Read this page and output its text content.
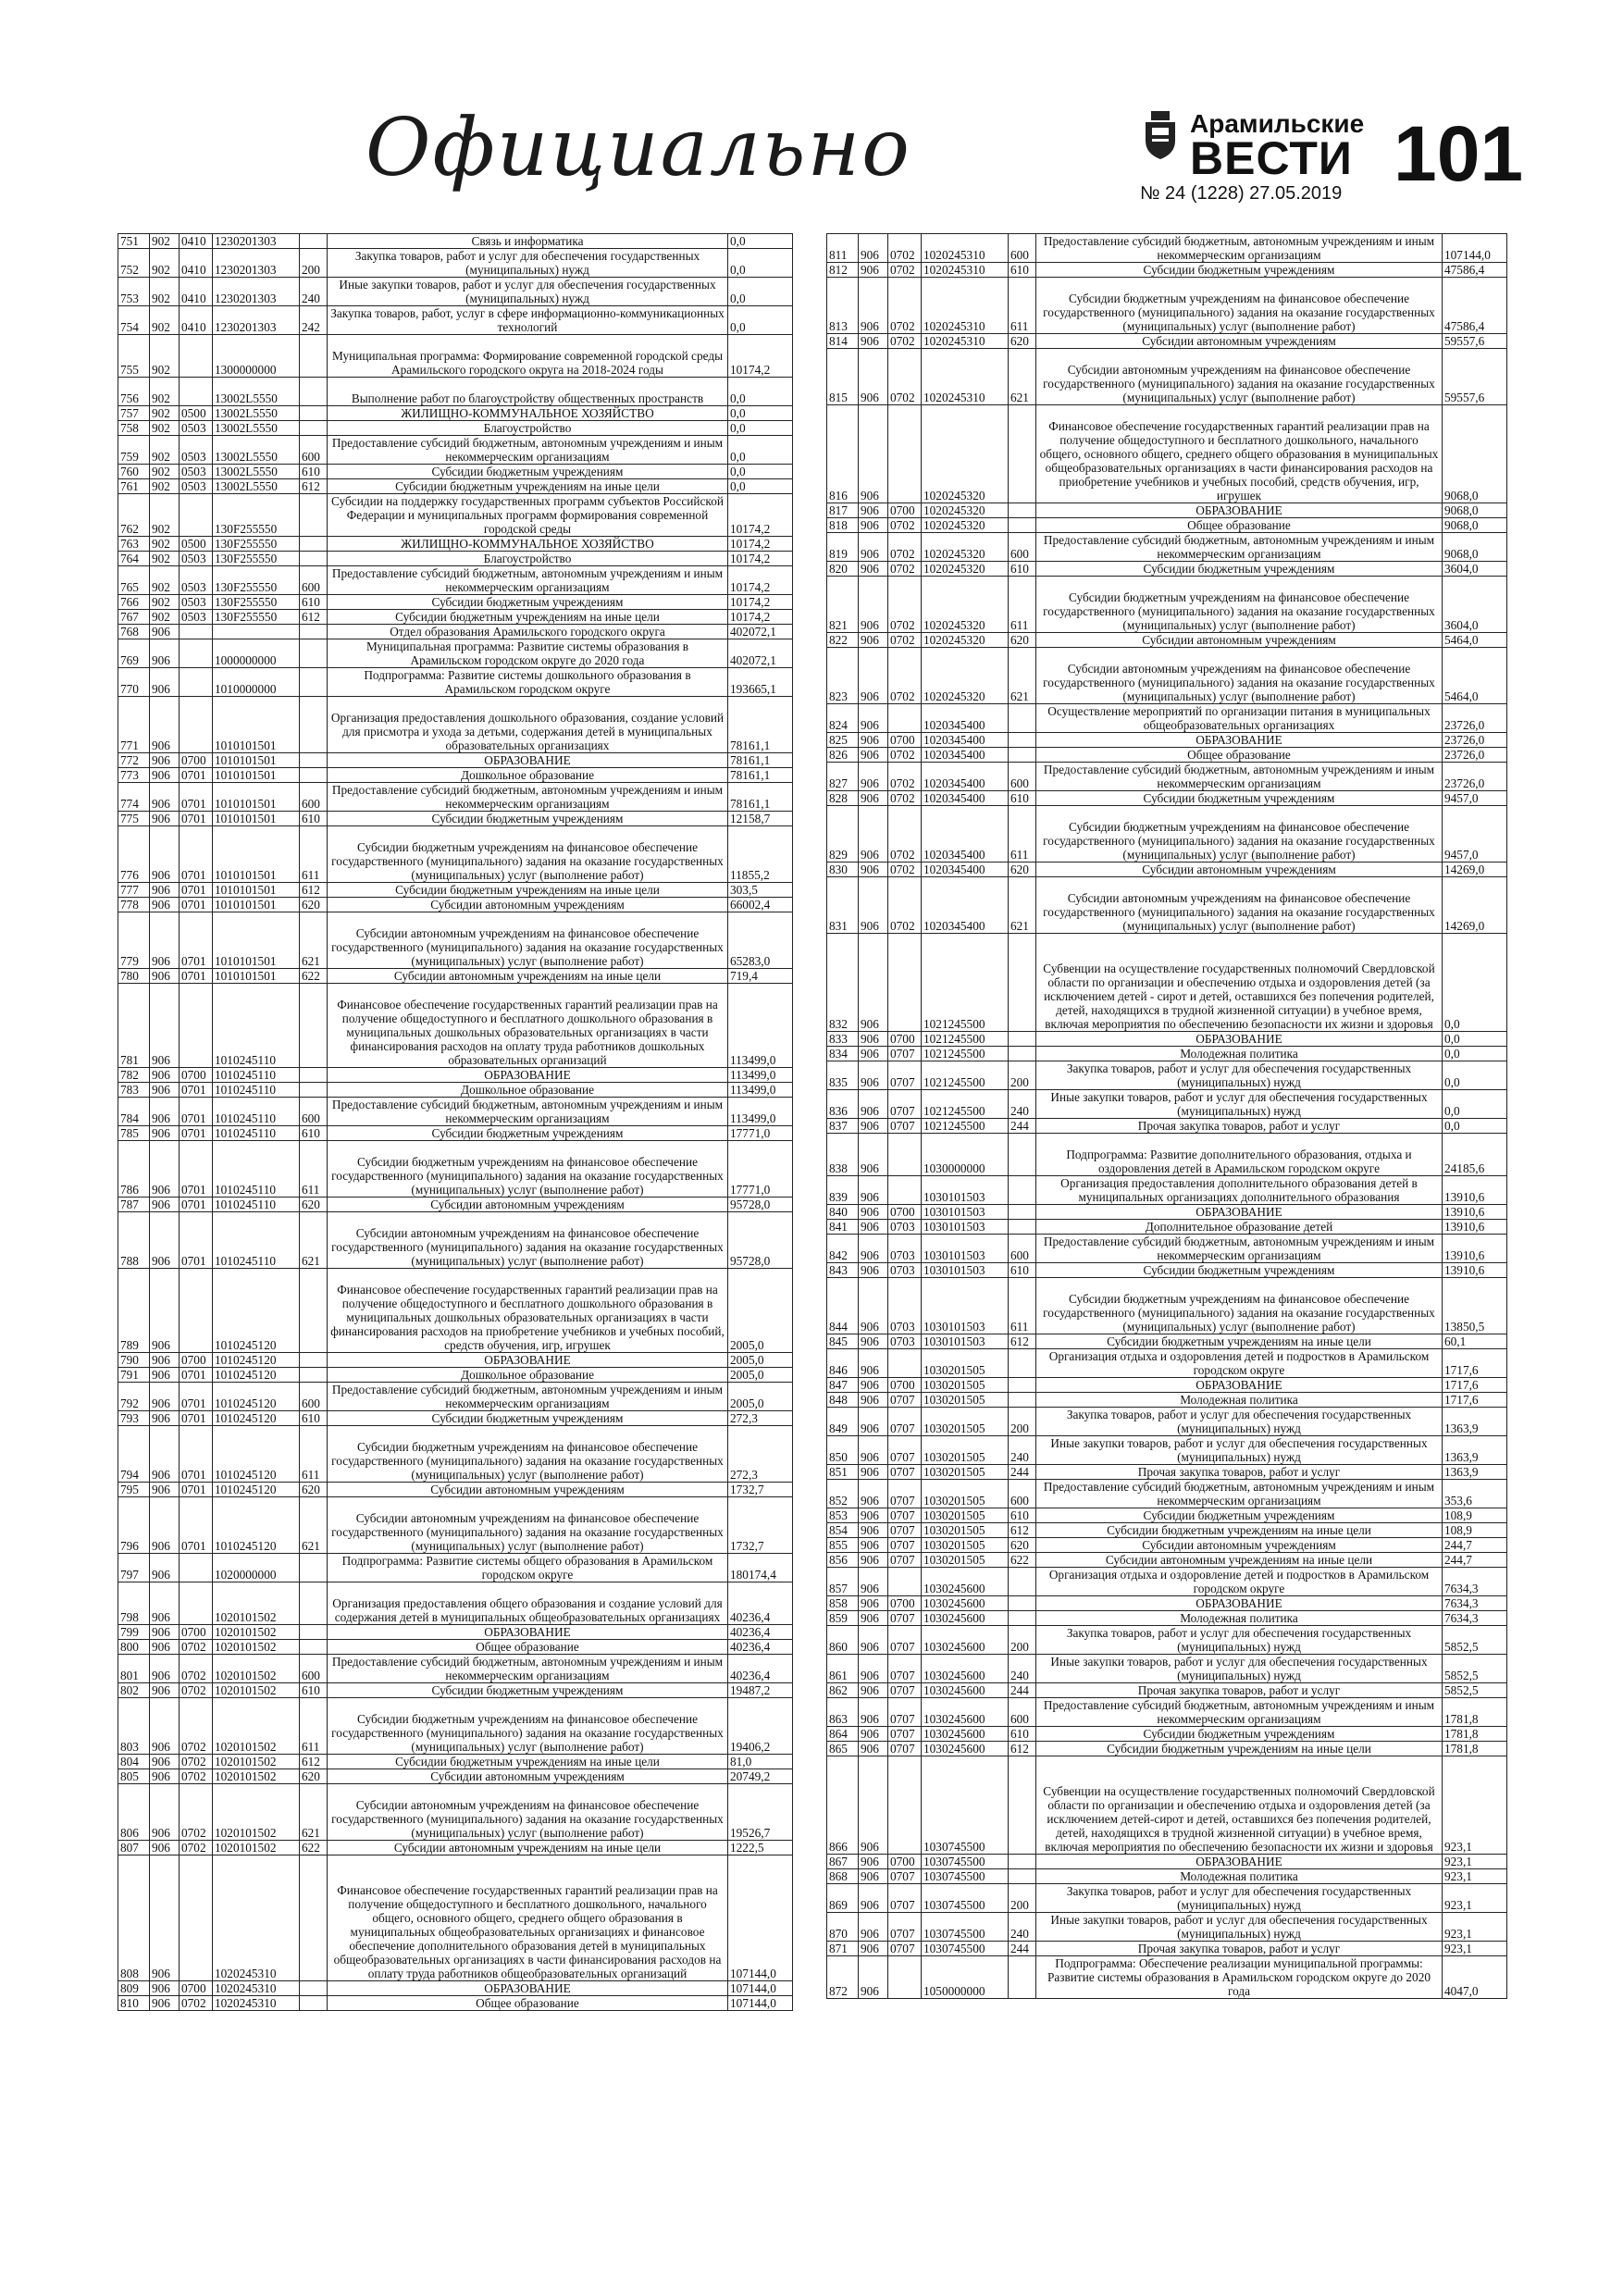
Официально	Арамильские
ВЕСТИ 101
№ 24 (1228) 27.05.2019
751	902	0410	1230201303		Связь и информатика	0,0
752	902	0410	1230201303	200	Закупка товаров, работ и услуг для обеспечения государственных (муниципальных) нужд	0,0
753	902	0410	1230201303	240	Иные закупки товаров, работ и услуг для обеспечения государственных (муниципальных) нужд	0,0
754	902	0410	1230201303	242	Закупка товаров, работ, услуг в сфере информационно-коммуникационных технологий	0,0
755	902		1300000000		Муниципальная программа: Формирование современной городской среды Арамильского городского округа на 2018-2024 годы	10174,2
756	902		13002L5550		Выполнение работ по благоустройству общественных пространств	0,0
757	902	0500	13002L5550		ЖИЛИЩНО-КОММУНАЛЬНОЕ ХОЗЯЙСТВО	0,0
758	902	0503	13002L5550		Благоустройство	0,0
759	902	0503	13002L5550	600	Предоставление субсидий бюджетным, автономным учреждениям и иным некоммерческим организациям	0,0
760	902	0503	13002L5550	610	Субсидии бюджетным учреждениям	0,0
761	902	0503	13002L5550	612	Субсидии бюджетным учреждениям на иные цели	0,0
762	902		130F255550		Субсидии на поддержку государственных программ субъектов Российской Федерации и муниципальных программ формирования современной городской среды	10174,2
763	902	0500	130F255550		ЖИЛИЩНО-КОММУНАЛЬНОЕ ХОЗЯЙСТВО	10174,2
764	902	0503	130F255550		Благоустройство	10174,2
765	902	0503	130F255550	600	Предоставление субсидий бюджетным, автономным учреждениям и иным некоммерческим организациям	10174,2
766	902	0503	130F255550	610	Субсидии бюджетным учреждениям	10174,2
767	902	0503	130F255550	612	Субсидии бюджетным учреждениям на иные цели	10174,2
768	906				Отдел образования Арамильского городского округа	402072,1
769	906		1000000000		Муниципальная программа: Развитие системы образования в Арамильском городском округе до 2020 года	402072,1
770	906		1010000000		Подпрограмма: Развитие системы дошкольного образования в Арамильском городском округе	193665,1
771	906		1010101501		Организация предоставления дошкольного образования, создание условий для присмотра и ухода за детьми, содержания детей в муниципальных образовательных организациях	78161,1
772	906	0700	1010101501		ОБРАЗОВАНИЕ	78161,1
773	906	0701	1010101501		Дошкольное образование	78161,1
774	906	0701	1010101501	600	Предоставление субсидий бюджетным, автономным учреждениям и иным некоммерческим организациям	78161,1
775	906	0701	1010101501	610	Субсидии бюджетным учреждениям	12158,7
776	906	0701	1010101501	611	Субсидии бюджетным учреждениям на финансовое обеспечение государственного (муниципального) задания на оказание государственных (муниципальных) услуг (выполнение работ)	11855,2
777	906	0701	1010101501	612	Субсидии бюджетным учреждениям на иные цели	303,5
778	906	0701	1010101501	620	Субсидии автономным учреждениям	66002,4
779	906	0701	1010101501	621	Субсидии автономным учреждениям на финансовое обеспечение государственного (муниципального) задания на оказание государственных (муниципальных) услуг (выполнение работ)	65283,0
780	906	0701	1010101501	622	Субсидии автономным учреждениям на иные цели	719,4
781	906		1010245110		Финансовое обеспечение государственных гарантий реализации прав на получение общедоступного и бесплатного дошкольного образования в муниципальных дошкольных образовательных организациях в части финансирования расходов на оплату труда работников дошкольных образовательных организаций	113499,0
782	906	0700	1010245110		ОБРАЗОВАНИЕ	113499,0
783	906	0701	1010245110		Дошкольное образование	113499,0
784	906	0701	1010245110	600	Предоставление субсидий бюджетным, автономным учреждениям и иным некоммерческим организациям	113499,0
785	906	0701	1010245110	610	Субсидии бюджетным учреждениям	17771,0
786	906	0701	1010245110	611	Субсидии бюджетным учреждениям на финансовое обеспечение государственного (муниципального) задания на оказание государственных (муниципальных) услуг (выполнение работ)	17771,0
787	906	0701	1010245110	620	Субсидии автономным учреждениям	95728,0
788	906	0701	1010245110	621	Субсидии автономным учреждениям на финансовое обеспечение государственного (муниципального) задания на оказание государственных (муниципальных) услуг (выполнение работ)	95728,0
789	906		1010245120		Финансовое обеспечение государственных гарантий реализации прав на получение общедоступного и бесплатного дошкольного образования в муниципальных дошкольных образовательных организациях в части финансирования расходов на приобретение учебников и учебных пособий, средств обучения, игр, игрушек	2005,0
790	906	0700	1010245120		ОБРАЗОВАНИЕ	2005,0
791	906	0701	1010245120		Дошкольное образование	2005,0
792	906	0701	1010245120	600	Предоставление субсидий бюджетным, автономным учреждениям и иным некоммерческим организациям	2005,0
793	906	0701	1010245120	610	Субсидии бюджетным учреждениям	272,3
794	906	0701	1010245120	611	Субсидии бюджетным учреждениям на финансовое обеспечение государственного (муниципального) задания на оказание государственных (муниципальных) услуг (выполнение работ)	272,3
795	906	0701	1010245120	620	Субсидии автономным учреждениям	1732,7
796	906	0701	1010245120	621	Субсидии автономным учреждениям на финансовое обеспечение государственного (муниципального) задания на оказание государственных (муниципальных) услуг (выполнение работ)	1732,7
797	906		1020000000		Подпрограмма: Развитие системы общего образования в Арамильском городском округе	180174,4
798	906		1020101502		Организация предоставления общего образования и создание условий для содержания детей в муниципальных общеобразовательных организациях	40236,4
799	906	0700	1020101502		ОБРАЗОВАНИЕ	40236,4
800	906	0702	1020101502		Общее образование	40236,4
801	906	0702	1020101502	600	Предоставление субсидий бюджетным, автономным учреждениям и иным некоммерческим организациям	40236,4
802	906	0702	1020101502	610	Субсидии бюджетным учреждениям	19487,2
803	906	0702	1020101502	611	Субсидии бюджетным учреждениям на финансовое обеспечение государственного (муниципального) задания на оказание государственных (муниципальных) услуг (выполнение работ)	19406,2
804	906	0702	1020101502	612	Субсидии бюджетным учреждениям на иные цели	81,0
805	906	0702	1020101502	620	Субсидии автономным учреждениям	20749,2
806	906	0702	1020101502	621	Субсидии автономным учреждениям на финансовое обеспечение государственного (муниципального) задания на оказание государственных (муниципальных) услуг (выполнение работ)	19526,7
807	906	0702	1020101502	622	Субсидии автономным учреждениям на иные цели	1222,5
808	906		1020245310		Финансовое обеспечение государственных гарантий реализации прав на получение общедоступного и бесплатного дошкольного, начального общего, основного общего, среднего общего образования в муниципальных общеобразовательных организациях и финансовое обеспечение дополнительного образования детей в муниципальных общеобразовательных организациях в части финансирования расходов на оплату труда работников общеобразовательных организаций	107144,0
809	906	0700	1020245310		ОБРАЗОВАНИЕ	107144,0
810	906	0702	1020245310		Общее образование	107144,0
811	906	0702	1020245310	600	Предоставление субсидий бюджетным, автономным учреждениям и иным некоммерческим организациям	107144,0
812	906	0702	1020245310	610	Субсидии бюджетным учреждениям	47586,4
813	906	0702	1020245310	611	Субсидии бюджетным учреждениям на финансовое обеспечение государственного (муниципального) задания на оказание государственных (муниципальных) услуг (выполнение работ)	47586,4
814	906	0702	1020245310	620	Субсидии автономным учреждениям	59557,6
815	906	0702	1020245310	621	Субсидии автономным учреждениям на финансовое обеспечение государственного (муниципального) задания на оказание государственных (муниципальных) услуг (выполнение работ)	59557,6
816	906		1020245320		Финансовое обеспечение государственных гарантий реализации прав на получение общедоступного и бесплатного дошкольного, начального общего, основного общего, среднего общего образования в муниципальных общеобразовательных организациях в части финансирования расходов на приобретение учебников и учебных пособий, средств обучения, игр, игрушек	9068,0
817	906	0700	1020245320		ОБРАЗОВАНИЕ	9068,0
818	906	0702	1020245320		Общее образование	9068,0
819	906	0702	1020245320	600	Предоставление субсидий бюджетным, автономным учреждениям и иным некоммерческим организациям	9068,0
820	906	0702	1020245320	610	Субсидии бюджетным учреждениям	3604,0
821	906	0702	1020245320	611	Субсидии бюджетным учреждениям на финансовое обеспечение государственного (муниципального) задания на оказание государственных (муниципальных) услуг (выполнение работ)	3604,0
822	906	0702	1020245320	620	Субсидии автономным учреждениям	5464,0
823	906	0702	1020245320	621	Субсидии автономным учреждениям на финансовое обеспечение государственного (муниципального) задания на оказание государственных (муниципальных) услуг (выполнение работ)	5464,0
824	906		1020345400		Осуществление мероприятий по организации питания в муниципальных общеобразовательных организациях	23726,0
825	906	0700	1020345400		ОБРАЗОВАНИЕ	23726,0
826	906	0702	1020345400		Общее образование	23726,0
827	906	0702	1020345400	600	Предоставление субсидий бюджетным, автономным учреждениям и иным некоммерческим организациям	23726,0
828	906	0702	1020345400	610	Субсидии бюджетным учреждениям	9457,0
829	906	0702	1020345400	611	Субсидии бюджетным учреждениям на финансовое обеспечение государственного (муниципального) задания на оказание государственных (муниципальных) услуг (выполнение работ)	9457,0
830	906	0702	1020345400	620	Субсидии автономным учреждениям	14269,0
831	906	0702	1020345400	621	Субсидии автономным учреждениям на финансовое обеспечение государственного (муниципального) задания на оказание государственных (муниципальных) услуг (выполнение работ)	14269,0
832	906		1021245500		Субвенции на осуществление государственных полномочий Свердловской области по организации и обеспечению отдыха и оздоровления детей (за исключением детей - сирот и детей, оставшихся без попечения родителей, детей, находящихся в трудной жизненной ситуации) в учебное время, включая мероприятия по обеспечению безопасности их жизни и здоровья	0,0
833	906	0700	1021245500		ОБРАЗОВАНИЕ	0,0
834	906	0707	1021245500		Молодежная политика	0,0
835	906	0707	1021245500	200	Закупка товаров, работ и услуг для обеспечения государственных (муниципальных) нужд	0,0
836	906	0707	1021245500	240	Иные закупки товаров, работ и услуг для обеспечения государственных (муниципальных) нужд	0,0
837	906	0707	1021245500	244	Прочая закупка товаров, работ и услуг	0,0
838	906		1030000000		Подпрограмма: Развитие дополнительного образования, отдыха и оздоровления детей в Арамильском городском округе	24185,6
839	906		1030101503		Организация предоставления дополнительного образования детей в муниципальных организациях дополнительного образования	13910,6
840	906	0700	1030101503		ОБРАЗОВАНИЕ	13910,6
841	906	0703	1030101503		Дополнительное образование детей	13910,6
842	906	0703	1030101503	600	Предоставление субсидий бюджетным, автономным учреждениям и иным некоммерческим организациям	13910,6
843	906	0703	1030101503	610	Субсидии бюджетным учреждениям	13910,6
844	906	0703	1030101503	611	Субсидии бюджетным учреждениям на финансовое обеспечение государственного (муниципального) задания на оказание государственных (муниципальных) услуг (выполнение работ)	13850,5
845	906	0703	1030101503	612	Субсидии бюджетным учреждениям на иные цели	60,1
846	906		1030201505		Организация отдыха и оздоровления детей и подростков в Арамильском городском округе	1717,6
847	906	0700	1030201505		ОБРАЗОВАНИЕ	1717,6
848	906	0707	1030201505		Молодежная политика	1717,6
849	906	0707	1030201505	200	Закупка товаров, работ и услуг для обеспечения государственных (муниципальных) нужд	1363,9
850	906	0707	1030201505	240	Иные закупки товаров, работ и услуг для обеспечения государственных (муниципальных) нужд	1363,9
851	906	0707	1030201505	244	Прочая закупка товаров, работ и услуг	1363,9
852	906	0707	1030201505	600	Предоставление субсидий бюджетным, автономным учреждениям и иным некоммерческим организациям	353,6
853	906	0707	1030201505	610	Субсидии бюджетным учреждениям	108,9
854	906	0707	1030201505	612	Субсидии бюджетным учреждениям на иные цели	108,9
855	906	0707	1030201505	620	Субсидии автономным учреждениям	244,7
856	906	0707	1030201505	622	Субсидии автономным учреждениям на иные цели	244,7
857	906		1030245600		Организация отдыха и оздоровление детей и подростков в Арамильском городском округе	7634,3
858	906	0700	1030245600		ОБРАЗОВАНИЕ	7634,3
859	906	0707	1030245600		Молодежная политика	7634,3
860	906	0707	1030245600	200	Закупка товаров, работ и услуг для обеспечения государственных (муниципальных) нужд	5852,5
861	906	0707	1030245600	240	Иные закупки товаров, работ и услуг для обеспечения государственных (муниципальных) нужд	5852,5
862	906	0707	1030245600	244	Прочая закупка товаров, работ и услуг	5852,5
863	906	0707	1030245600	600	Предоставление субсидий бюджетным, автономным учреждениям и иным некоммерческим организациям	1781,8
864	906	0707	1030245600	610	Субсидии бюджетным учреждениям	1781,8
865	906	0707	1030245600	612	Субсидии бюджетным учреждениям на иные цели	1781,8
866	906		1030745500		Субвенции на осуществление государственных полномочий Свердловской области по организации и обеспечению отдыха и оздоровления детей (за исключением детей-сирот и детей, оставшихся без попечения родителей, детей, находящихся в трудной жизненной ситуации) в учебное время, включая мероприятия по обеспечению безопасности их жизни и здоровья	923,1
867	906	0700	1030745500		ОБРАЗОВАНИЕ	923,1
868	906	0707	1030745500		Молодежная политика	923,1
869	906	0707	1030745500	200	Закупка товаров, работ и услуг для обеспечения государственных (муниципальных) нужд	923,1
870	906	0707	1030745500	240	Иные закупки товаров, работ и услуг для обеспечения государственных (муниципальных) нужд	923,1
871	906	0707	1030745500	244	Прочая закупка товаров, работ и услуг	923,1
872	906		1050000000		Подпрограмма: Обеспечение реализации муниципальной программы: Развитие системы образования в Арамильском городском округе до 2020 года	4047,0
